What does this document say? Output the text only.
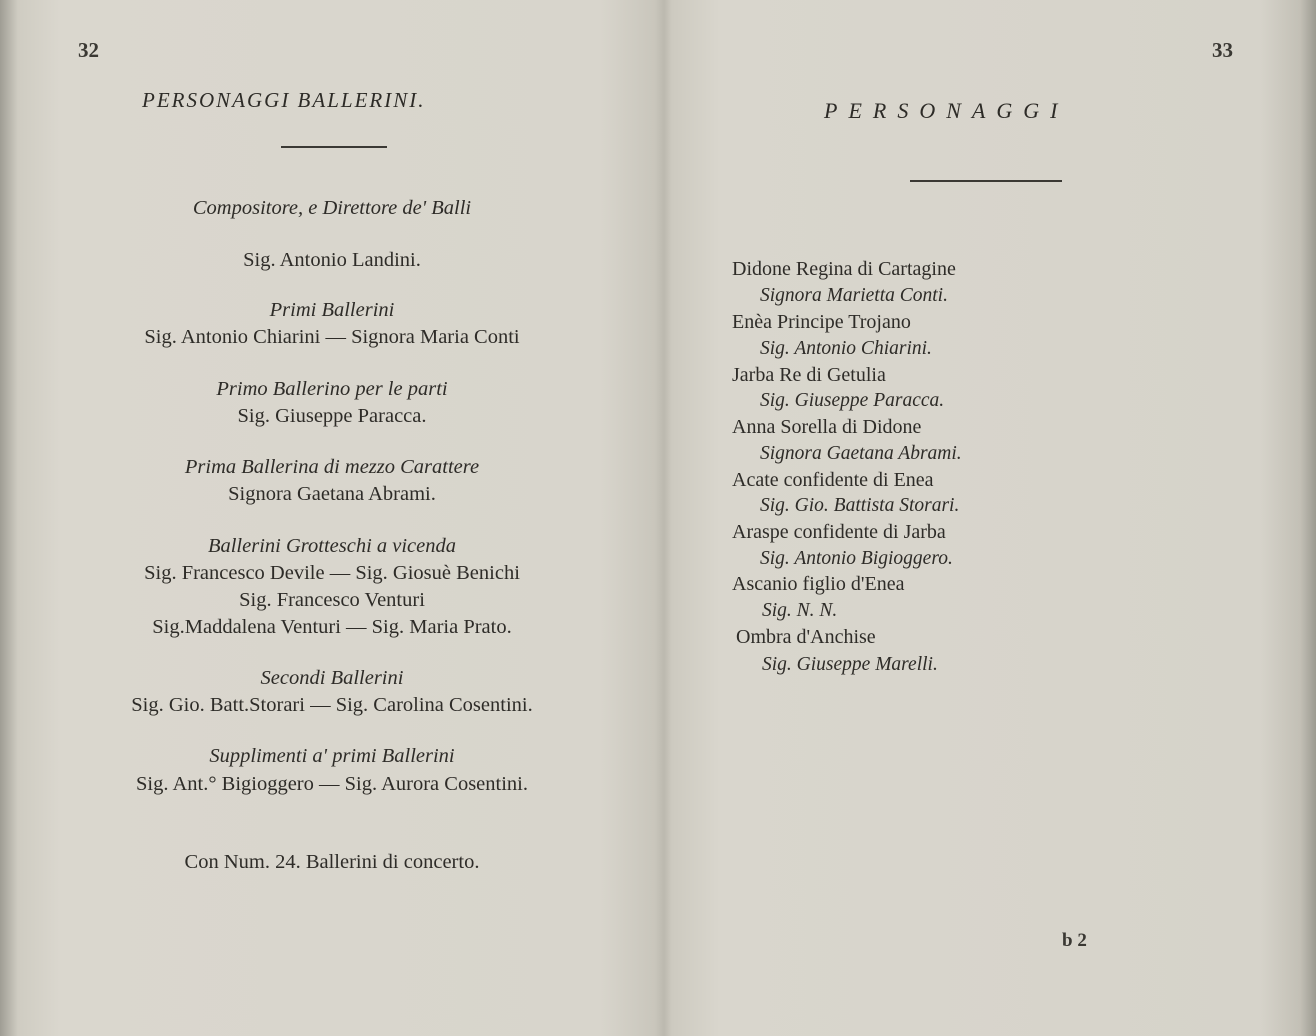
32
PERSONAGGI BALLERINI.
Compositore, e Direttore de' Balli
Sig. Antonio Landini.
Primi Ballerini
Sig. Antonio Chiarini — Signora Maria Conti
Primo Ballerino per le parti
Sig. Giuseppe Paracca.
Prima Ballerina di mezzo Carattere
Signora Gaetana Abrami.
Ballerini Grotteschi a vicenda
Sig. Francesco Devile — Sig. Giosuè Benichi
Sig. Francesco Venturi
Sig.Maddalena Venturi — Sig. Maria Prato.
Secondi Ballerini
Sig. Gio. Batt.Storari — Sig. Carolina Cosentini.
Supplimenti a' primi Ballerini
Sig. Ant.° Bigioggero — Sig. Aurora Cosentini.
Con Num. 24. Ballerini di concerto.
33
PERSONAGGI
Didone Regina di Cartagine
Signora Marietta Conti.
Enèa Principe Trojano
Sig. Antonio Chiarini.
Jarba Re di Getulia
Sig. Giuseppe Paracca.
Anna Sorella di Didone
Signora Gaetana Abrami.
Acate confidente di Enea
Sig. Gio. Battista Storari.
Araspe confidente di Jarba
Sig. Antonio Bigioggero.
Ascanio figlio d'Enea
Sig. N. N.
Ombra d'Anchise
Sig. Giuseppe Marelli.
b 2
